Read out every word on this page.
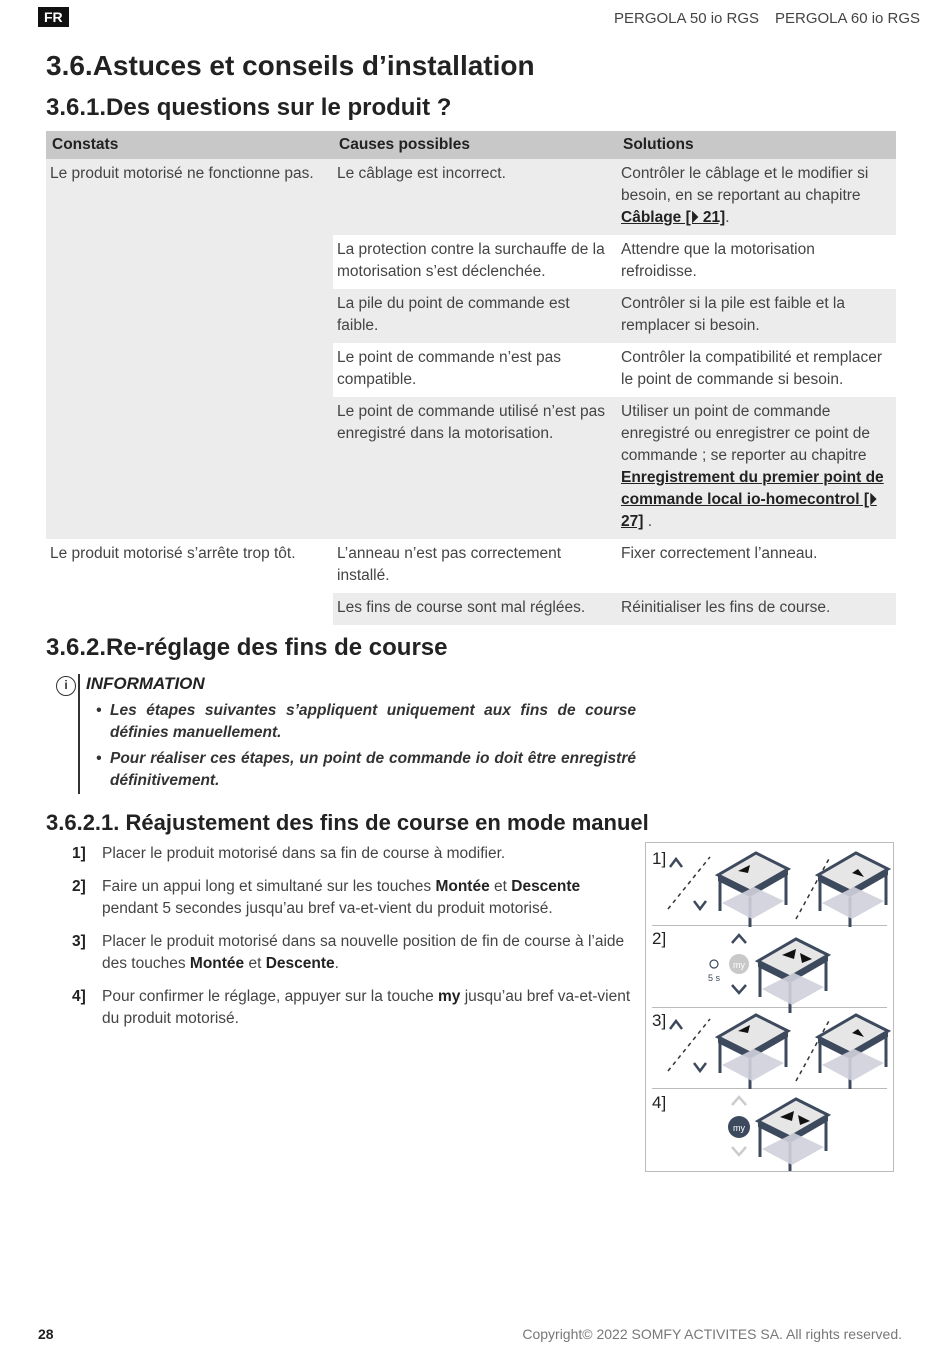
FR	PERGOLA 50 io RGS PERGOLA 60 io RGS
3.6.Astuces et conseils d’installation
3.6.1.Des questions sur le produit ?
Constats	Causes possibles	Solutions
Le produit motorisé ne fonctionne pas.	Le câblage est incorrect.	Contrôler le câblage et le modifier si besoin, en se reportant au chapitre Câblage [⏵ 21].
	La protection contre la surchauffe de la motorisation s’est déclenchée.	Attendre que la motorisation refroidisse.
	La pile du point de commande est faible.	Contrôler si la pile est faible et la remplacer si besoin.
	Le point de commande n’est pas compatible.	Contrôler la compatibilité et remplacer le point de commande si besoin.
	Le point de commande utilisé n’est pas enregistré dans la motorisation.	Utiliser un point de commande enregistré ou enregistrer ce point de commande ; se reporter au chapitre Enregistrement du premier point de commande local io-homecontrol [⏵ 27] .
Le produit motorisé s’arrête trop tôt.	L’anneau n’est pas correctement installé.	Fixer correctement l’anneau.
	Les fins de course sont mal réglées.	Réinitialiser les fins de course.
3.6.2.Re-réglage des fins de course
i	INFORMATION
• Les étapes suivantes s’appliquent uniquement aux fins de course définies manuellement.
• Pour réaliser ces étapes, un point de commande io doit être enregistré définitivement.
3.6.2.1. Réajustement des fins de course en mode manuel
1] Placer le produit motorisé dans sa fin de course à modifier.
2] Faire un appui long et simultané sur les touches Montée et Descente pendant 5 secondes jusqu’au bref va-et-vient du produit motorisé.
3] Placer le produit motorisé dans sa nouvelle position de fin de course à l’aide des touches Montée et Descente.
4] Pour confirmer le réglage, appuyer sur la touche my jusqu’au bref va-et-vient du produit motorisé.
1]
2]
3]
4]
my
5 s
my
28	Copyright© 2022 SOMFY ACTIVITES SA. All rights reserved.
